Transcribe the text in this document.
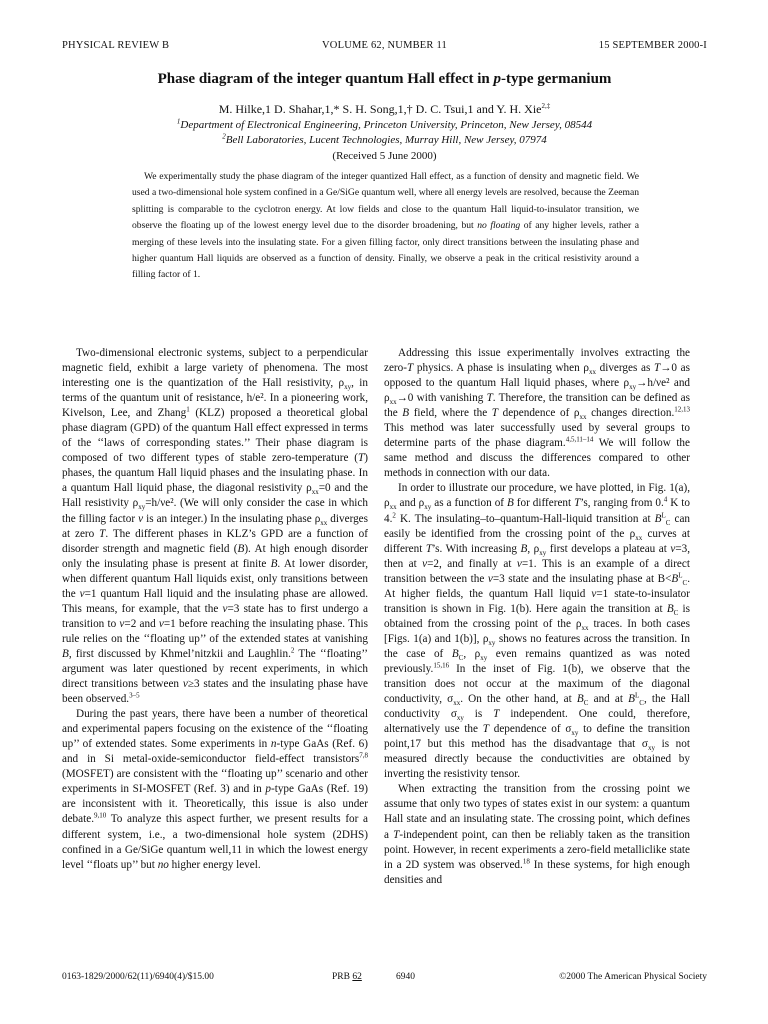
PHYSICAL REVIEW B	VOLUME 62, NUMBER 11	15 SEPTEMBER 2000-I
Phase diagram of the integer quantum Hall effect in p-type germanium
M. Hilke,1 D. Shahar,1,* S. H. Song,1,† D. C. Tsui,1 and Y. H. Xie$^{2,\ddagger}$
$^1$Department of Electronical Engineering, Princeton University, Princeton, New Jersey, 08544
$^2$Bell Laboratories, Lucent Technologies, Murray Hill, New Jersey, 07974
(Received 5 June 2000)

We experimentally study the phase diagram of the integer quantized Hall effect, as a function of density and magnetic field. We used a two-dimensional hole system confined in a Ge/SiGe quantum well, where all energy levels are resolved, because the Zeeman splitting is comparable to the cyclotron energy. At low fields and close to the quantum Hall liquid-to-insulator transition, we observe the floating up of the lowest energy level due to the disorder broadening, but no floating of any higher levels, rather a merging of these levels into the insulating state. For a given filling factor, only direct transitions between the insulating phase and higher quantum Hall liquids are observed as a function of density. Finally, we observe a peak in the critical resistivity around a filling factor of 1.

Two-dimensional electronic systems, subject to a perpendicular magnetic field, exhibit a large variety of phenomena. The most interesting one is the quantization of the Hall resistivity, $\rho_{xy}$, in terms of the quantum unit of resistance, h/e². In a pioneering work, Kivelson, Lee, and Zhang$^1$ (KLZ) proposed a theoretical global phase diagram (GPD) of the quantum Hall effect expressed in terms of the ‘‘laws of corresponding states.’’ Their phase diagram is composed of two different types of stable zero-temperature (T) phases, the quantum Hall liquid phases and the insulating phase. In a quantum Hall liquid phase, the diagonal resistivity $\rho_{xx}=0$ and the Hall resistivity $\rho_{xy}=h$/νe². (We will only consider the case in which the filling factor ν is an integer.) In the insulating phase $\rho_{xx}$ diverges at zero T. The different phases in KLZ’s GPD are a function of disorder strength and magnetic field (B). At high enough disorder only the insulating phase is present at finite B. At lower disorder, when different quantum Hall liquids exist, only transitions between the ν=1 quantum Hall liquid and the insulating phase are allowed. This means, for example, that the ν=3 state has to first undergo a transition to ν=2 and ν=1 before reaching the insulating phase. This rule relies on the ‘‘floating up’’ of the extended states at vanishing B, first discussed by Khmel’nitzkii and Laughlin.$^2$ The ‘‘floating’’ argument was later questioned by recent experiments, in which direct transitions between ν≥3 states and the insulating phase have been observed.$^{3-5}$

During the past years, there have been a number of theoretical and experimental papers focusing on the existence of the ‘‘floating up’’ of extended states. Some experiments in n-type GaAs (Ref. 6) and in Si metal-oxide-semiconductor field-effect transistors$^{7,8}$ (MOSFET) are consistent with the ‘‘floating up’’ scenario and other experiments in SI-MOSFET (Ref. 3) and in p-type GaAs (Ref. 19) are inconsistent with it. Theoretically, this issue is also under debate.$^{9,10}$ To analyze this aspect further, we present results for a different system, i.e., a two-dimensional hole system (2DHS) confined in a Ge/SiGe quantum well,11 in which the lowest energy level ‘‘floats up’’ but no higher energy level.

Addressing this issue experimentally involves extracting the zero-T physics. A phase is insulating when $\rho_{xx}$ diverges as T→0 as opposed to the quantum Hall liquid phases, where $\rho_{xy}\to h$/νe² and $\rho_{xx}\to 0$ with vanishing T. Therefore, the transition can be defined as the B field, where the T dependence of $\rho_{xx}$ changes direction.$^{12,13}$ This method was later successfully used by several groups to determine parts of the phase diagram.$^{4,5,11-14}$ We will follow the same method and discuss the differences compared to other methods in connection with our data.

In order to illustrate our procedure, we have plotted, in Fig. 1(a), $\rho_{xx}$ and $\rho_{xy}$ as a function of B for different T’s, ranging from 0.$^4$ K to 4.$^2$ K. The insulating–to–quantum-Hall-liquid transition at $B^L_C$ can easily be identified from the crossing point of the $\rho_{xx}$ curves at different T’s. With increasing B, $\rho_{xy}$ first develops a plateau at ν=3, then at ν=2, and finally at ν=1. This is an example of a direct transition between the ν=3 state and the insulating phase at $B<B^L_C$. At higher fields, the quantum Hall liquid ν=1 state-to-insulator transition is shown in Fig. 1(b). Here again the transition at $B_C$ is obtained from the crossing point of the $\rho_{xx}$ traces. In both cases [Figs. 1(a) and 1(b)], $\rho_{xy}$ shows no features across the transition. In the case of $B_C$, $\rho_{xy}$ even remains quantized as was noted previously.$^{15,16}$ In the inset of Fig. 1(b), we observe that the transition does not occur at the maximum of the diagonal conductivity, $\sigma_{xx}$. On the other hand, at $B_C$ and at $B^L_C$, the Hall conductivity $\sigma_{xy}$ is T independent. One could, therefore, alternatively use the T dependence of $\sigma_{xy}$ to define the transition point,17 but this method has the disadvantage that $\sigma_{xy}$ is not measured directly because the conductivities are obtained by inverting the resistivity tensor.

When extracting the transition from the crossing point we assume that only two types of states exist in our system: a quantum Hall state and an insulating state. The crossing point, which defines a T-independent point, can then be reliably taken as the transition point. However, in recent experiments a zero-field metalliclike state in a 2D system was observed.$^{18}$ In these systems, for high enough densities and

0163-1829/2000/62(11)/6940(4)/$15.00	PRB 62	6940	©2000 The American Physical Society
